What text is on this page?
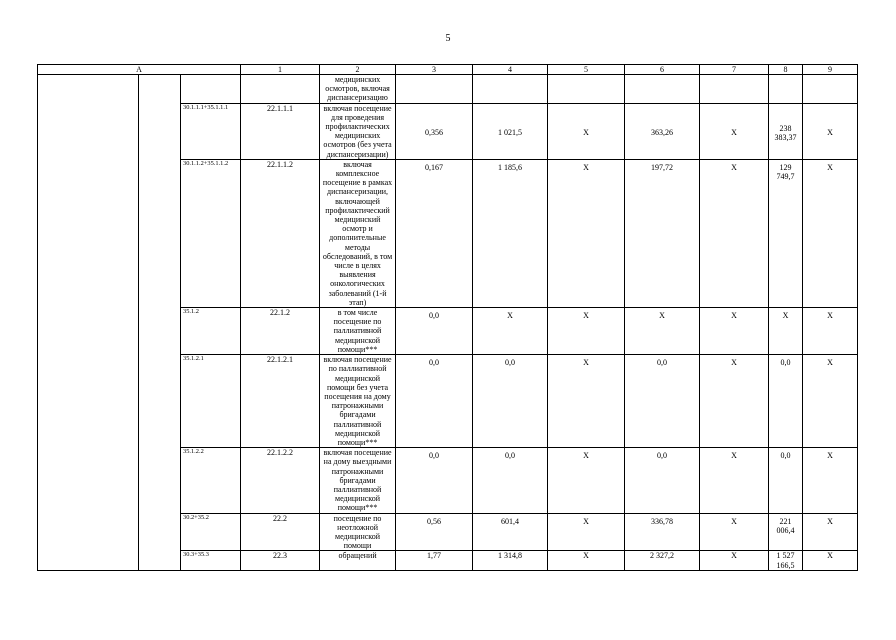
5
А			1	2	3	4	5	6	7	8	9
				медицинских осмотров, включая диспансеризацию							
		30.1.1.1+35.1.1.1	22.1.1.1	включая посещение для проведения профилактических медицинских осмотров (без учета диспансеризации)	0,356	1 021,5	Х	363,26	Х	238 383,37	Х
		30.1.1.2+35.1.1.2	22.1.1.2	включая комплексное посещение в рамках диспансеризации, включающей профилактический медицинский осмотр и дополнительные методы обследований, в том числе в целях выявления онкологических заболеваний (1-й этап)	0,167	1 185,6	Х	197,72	Х	129 749,7	Х
		35.1.2	22.1.2	в том числе посещение по паллиативной медицинской помощи***	0,0	Х	Х	Х	Х	Х	Х
		35.1.2.1	22.1.2.1	включая посещение по паллиативной медицинской помощи без учета посещения на дому патронажными бригадами паллиативной медицинской помощи***	0,0	0,0	Х	0,0	Х	0,0	Х
		35.1.2.2	22.1.2.2	включая посещение на дому выездными патронажными бригадами паллиативной медицинской помощи***	0,0	0,0	Х	0,0	Х	0,0	Х
		30.2+35.2	22.2	посещение по неотложной медицинской помощи	0,56	601,4	Х	336,78	Х	221 006,4	Х
		30.3+35.3	22.3	обращений	1,77	1 314,8	Х	2 327,2	Х	1 527 166,5	Х
